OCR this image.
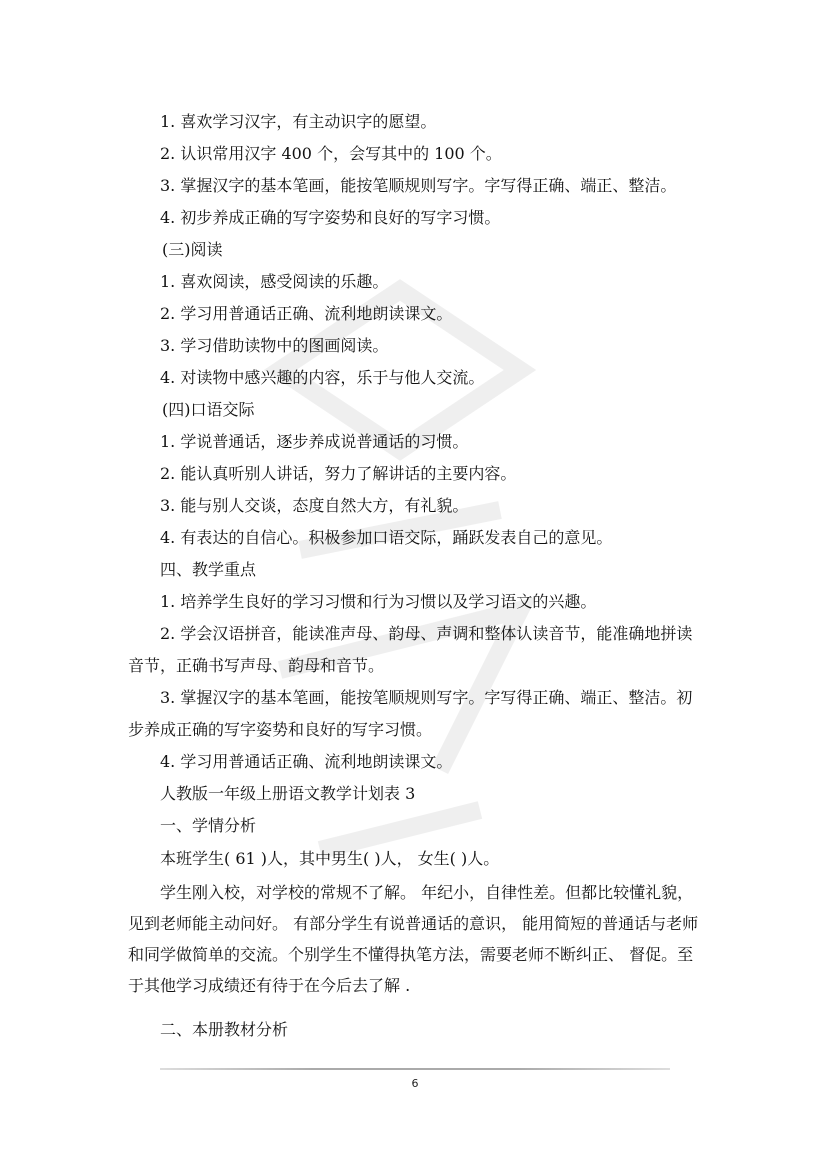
1. 喜欢学习汉字，有主动识字的愿望。
2. 认识常用汉字 400 个，会写其中的 100 个。
3. 掌握汉字的基本笔画，能按笔顺规则写字。字写得正确、端正、整洁。
4. 初步养成正确的写字姿势和良好的写字习惯。
(三)阅读
1. 喜欢阅读，感受阅读的乐趣。
2. 学习用普通话正确、流利地朗读课文。
3. 学习借助读物中的图画阅读。
4. 对读物中感兴趣的内容，乐于与他人交流。
(四)口语交际
1. 学说普通话，逐步养成说普通话的习惯。
2. 能认真听别人讲话，努力了解讲话的主要内容。
3. 能与别人交谈，态度自然大方，有礼貌。
4. 有表达的自信心。积极参加口语交际，踊跃发表自己的意见。
四、教学重点
1. 培养学生良好的学习习惯和行为习惯以及学习语文的兴趣。
2. 学会汉语拼音，能读准声母、韵母、声调和整体认读音节，能准确地拼读
音节，正确书写声母、韵母和音节。
3. 掌握汉字的基本笔画，能按笔顺规则写字。字写得正确、端正、整洁。初
步养成正确的写字姿势和良好的写字习惯。
4. 学习用普通话正确、流利地朗读课文。
人教版一年级上册语文教学计划表 3
一、学情分析
本班学生( 61 )人，其中男生( )人， 女生( )人。
学生刚入校，对学校的常规不了解。 年纪小，自律性差。但都比较懂礼貌，
见到老师能主动问好。 有部分学生有说普通话的意识， 能用简短的普通话与老师
和同学做简单的交流。个别学生不懂得执笔方法，需要老师不断纠正、 督促。至
于其他学习成绩还有待于在今后去了解 .
二、本册教材分析
6
